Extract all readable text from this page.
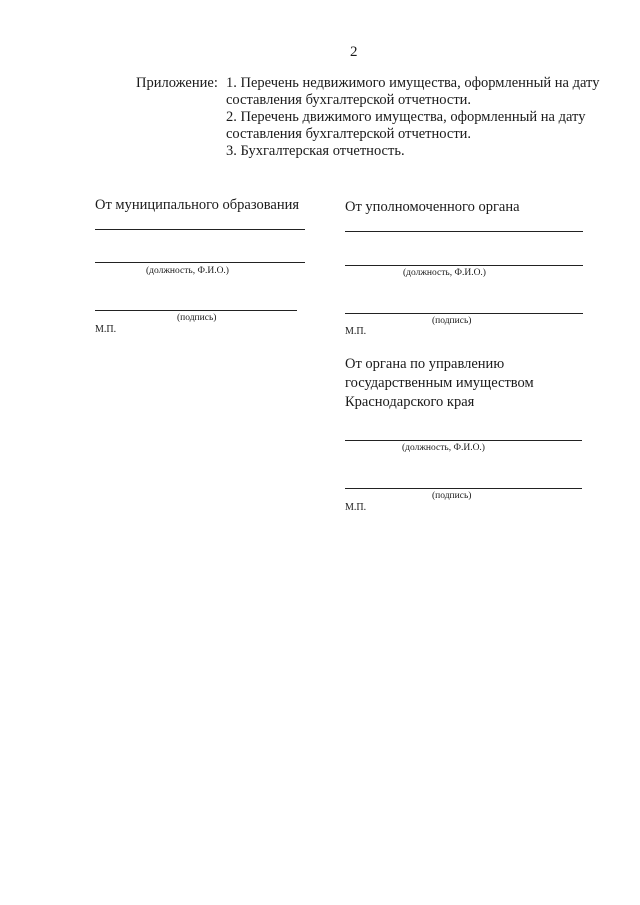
2
Приложение: 1. Перечень недвижимого имущества, оформленный на дату
составления бухгалтерской отчетности.
2. Перечень движимого имущества, оформленный на дату
составления бухгалтерской отчетности.
3. Бухгалтерская отчетность.
От муниципального образования
(должность, Ф.И.О.)
(подпись)
М.П.
От уполномоченного органа
(должность, Ф.И.О.)
(подпись)
М.П.
От органа по управлению
государственным имуществом
Краснодарского края
(должность, Ф.И.О.)
(подпись)
М.П.
